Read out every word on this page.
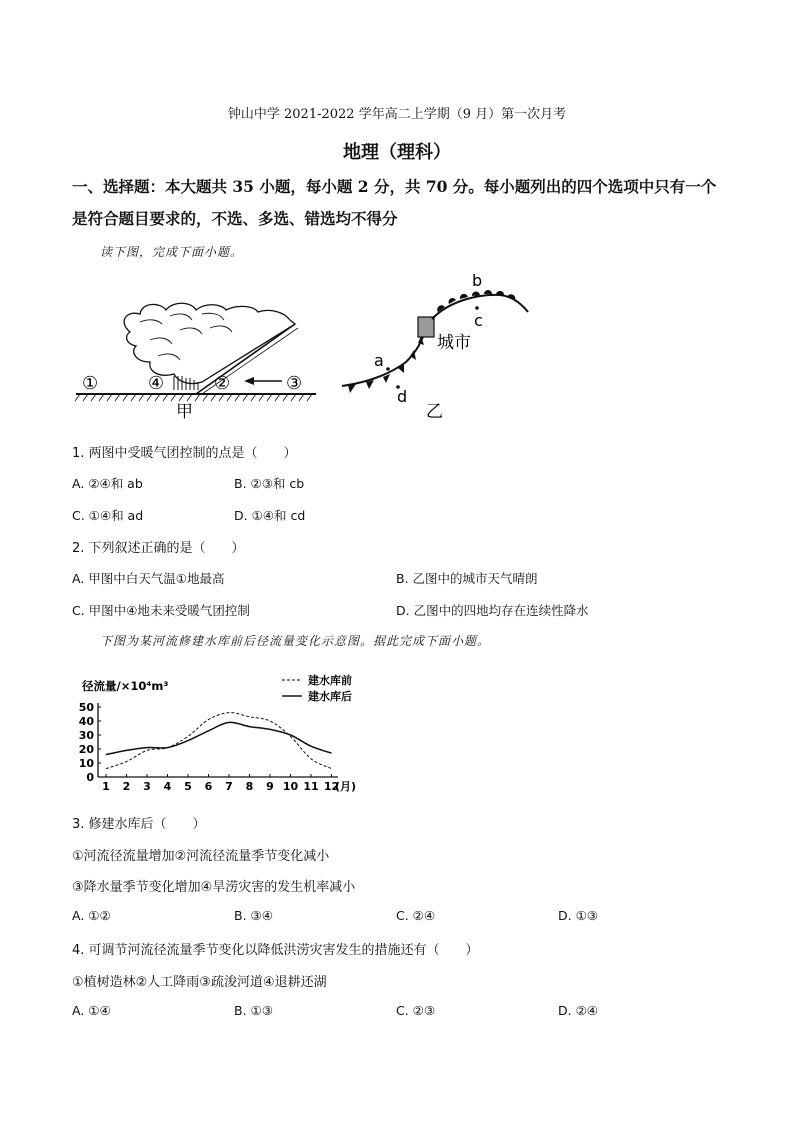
钟山中学 2021-2022 学年高二上学期（9 月）第一次月考
地理（理科）
一、选择题：本大题共 35 小题，每小题 2 分，共 70 分。每小题列出的四个选项中只有一个
是符合题目要求的，不选、多选、错选均不得分
读下图，完成下面小题。
①	④	②	③
甲
a
b
c
d
城市
乙
1. 两图中受暖气团控制的点是（　　）
A. ②④和 ab	B. ②③和 cb
C. ①④和 ad	D. ①④和 cd
2. 下列叙述正确的是（　　）
A. 甲图中白天气温①地最高	B. 乙图中的城市天气晴朗
C. 甲图中④地未来受暖气团控制	D. 乙图中的四地均存在连续性降水
下图为某河流修建水库前后径流量变化示意图。据此完成下面小题。
0
10
20
30
40
50
1 2 3 4 5 6 7 8 9 10 11 12
(月)
径流量/×10⁴m³	建水库前
建水库后
3. 修建水库后（　　）
①河流径流量增加②河流径流量季节变化减小
③降水量季节变化增加④旱涝灾害的发生机率减小
A. ①②	B. ③④	C. ②④	D. ①③
4. 可调节河流径流量季节变化以降低洪涝灾害发生的措施还有（　　）
①植树造林②人工降雨③疏浚河道④退耕还湖
A. ①④	B. ①③	C. ②③	D. ②④
